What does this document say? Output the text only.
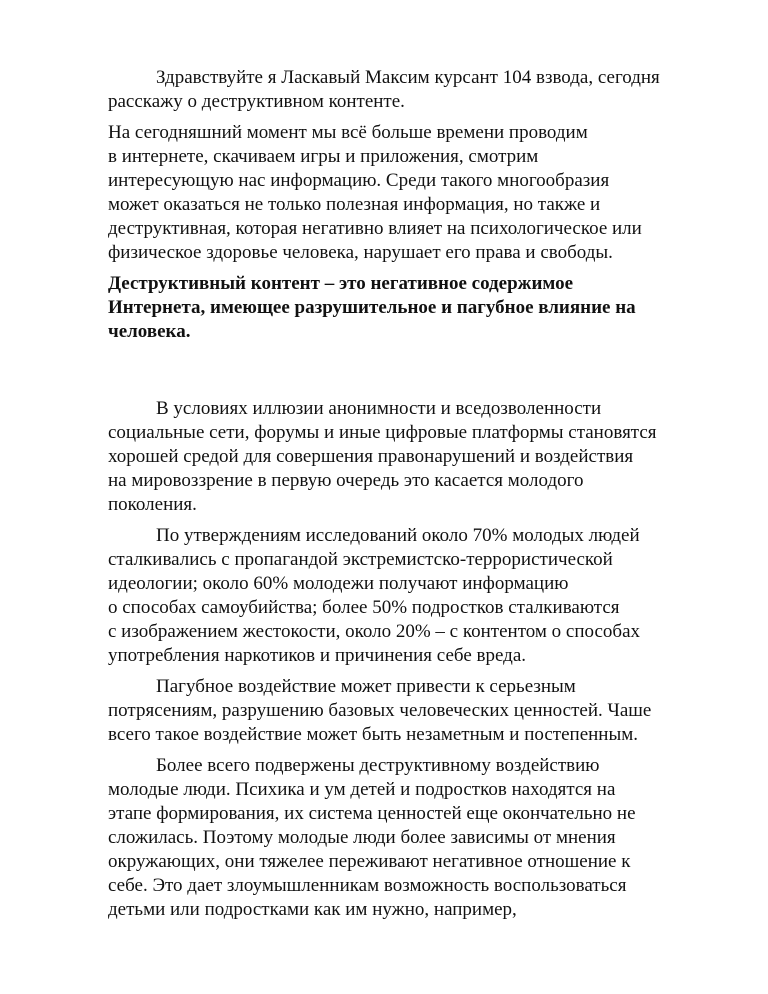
Здравствуйте я Ласкавый Максим курсант 104 взвода, сегодня
расскажу о деструктивном контенте.

На сегодняшний момент мы всё больше времени проводим
в интернете, скачиваем игры и приложения, смотрим
интересующую нас информацию. Среди такого многообразия
может оказаться не только полезная информация, но также и
деструктивная, которая негативно влияет на психологическое или
физическое здоровье человека, нарушает его права и свободы.

Деструктивный контент – это негативное содержимое
Интернета, имеющее разрушительное и пагубное влияние на
человека.

В условиях иллюзии анонимности и вседозволенности
социальные сети, форумы и иные цифровые платформы становятся
хорошей средой для совершения правонарушений и воздействия
на мировоззрение в первую очередь это касается молодого
поколения.

По утверждениям исследований около 70% молодых людей
сталкивались с пропагандой экстремистско-террористической
идеологии; около 60% молодежи получают информацию
о способах самоубийства; более 50% подростков сталкиваются
с изображением жестокости, около 20% – с контентом о способах
употребления наркотиков и причинения себе вреда.

Пагубное воздействие может привести к серьезным
потрясениям, разрушению базовых человеческих ценностей. Чаше
всего такое воздействие может быть незаметным и постепенным.

Более всего подвержены деструктивному воздействию
молодые люди. Психика и ум детей и подростков находятся на
этапе формирования, их система ценностей еще окончательно не
сложилась. Поэтому молодые люди более зависимы от мнения
окружающих, они тяжелее переживают негативное отношение к
себе. Это дает злоумышленникам возможность воспользоваться
детьми или подростками как им нужно, например,
